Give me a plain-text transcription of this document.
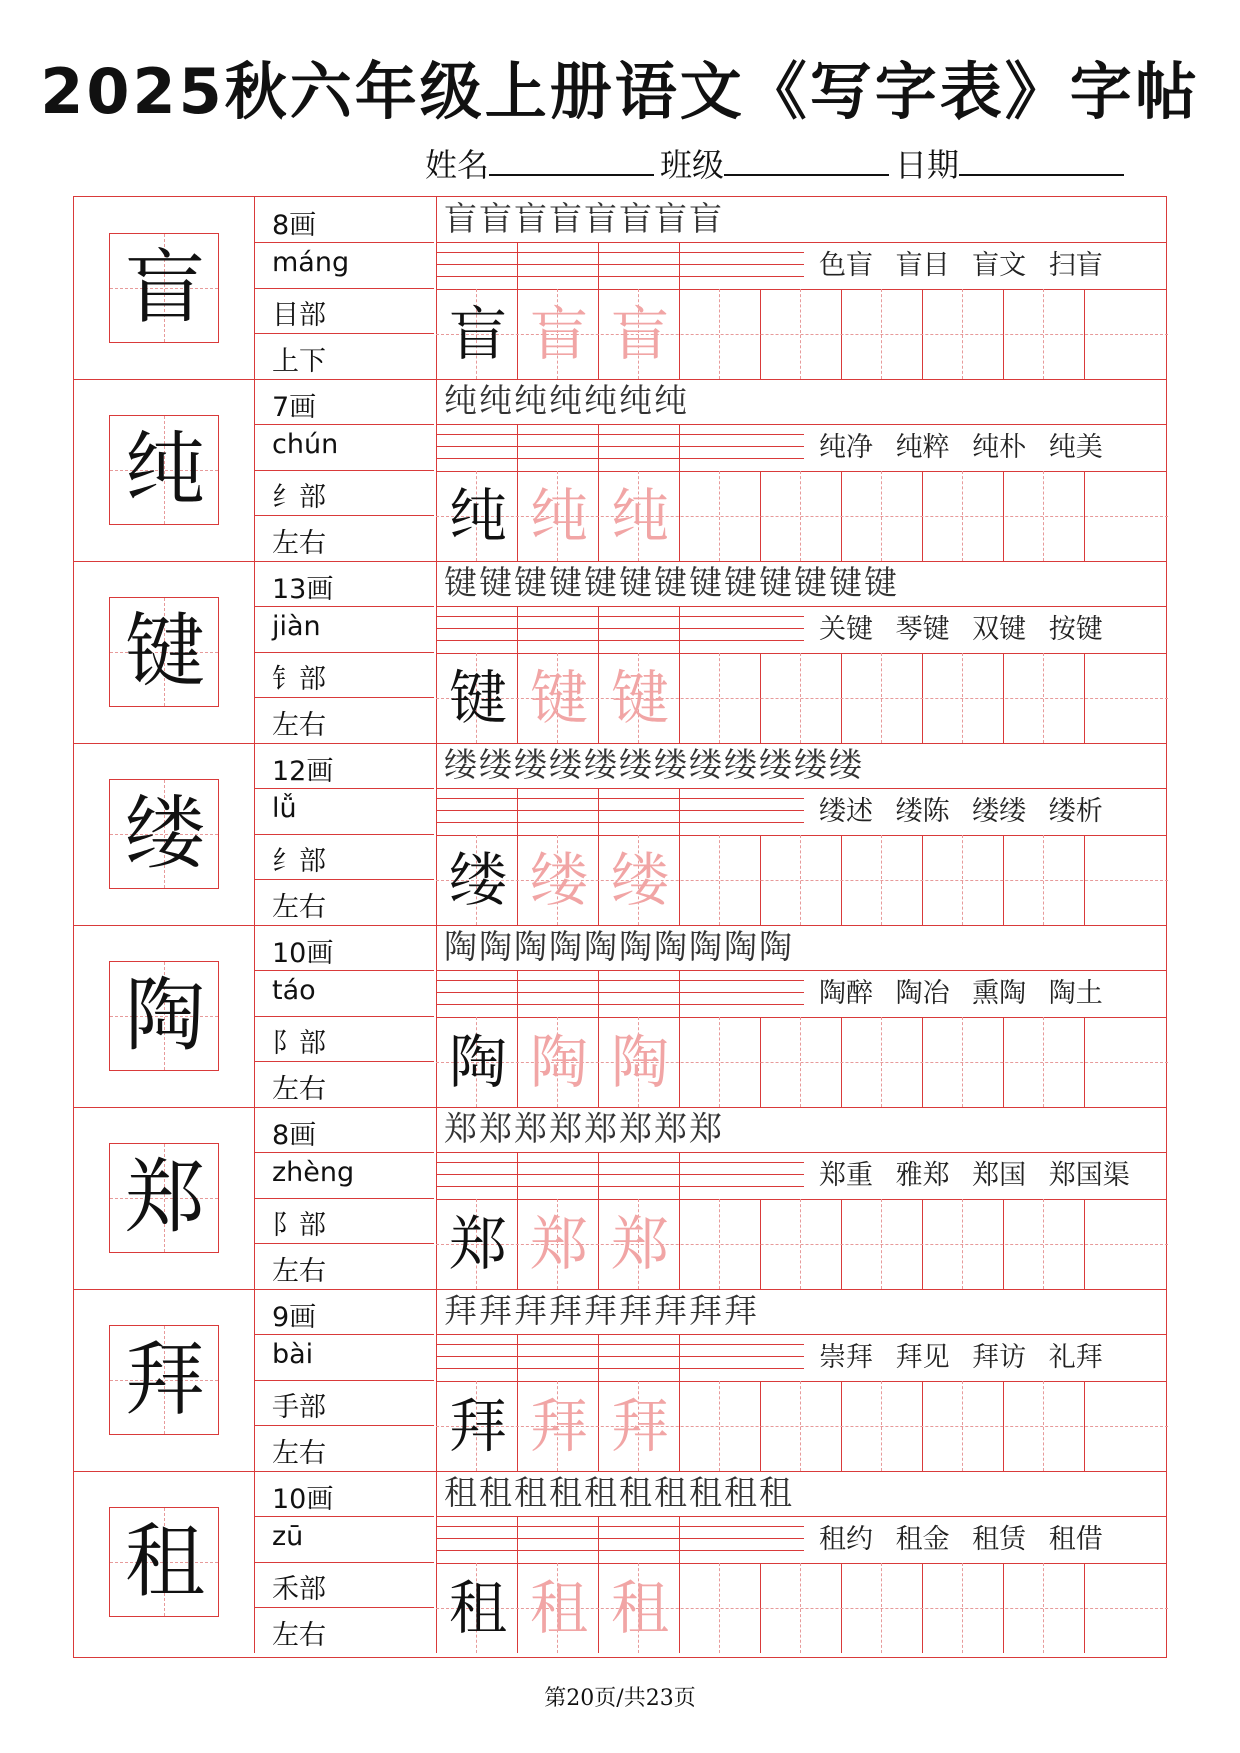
2025秋六年级上册语文《写字表》字帖
姓名	班级	日期
盲
8画
máng
目部
上下
盲盲盲盲盲盲盲盲
色盲 盲目 盲文 扫盲
盲 盲 盲
纯
7画
chún
纟部
左右
纯纯纯纯纯纯纯
纯净 纯粹 纯朴 纯美
纯 纯 纯
键
13画
jiàn
钅部
左右
键键键键键键键键键键键键键
关键 琴键 双键 按键
键 键 键
缕
12画
lǚ
纟部
左右
缕缕缕缕缕缕缕缕缕缕缕缕
缕述 缕陈 缕缕 缕析
缕 缕 缕
陶
10画
táo
阝部
左右
陶陶陶陶陶陶陶陶陶陶
陶醉 陶冶 熏陶 陶土
陶 陶 陶
郑
8画
zhèng
阝部
左右
郑郑郑郑郑郑郑郑
郑重 雅郑 郑国 郑国渠
郑 郑 郑
拜
9画
bài
手部
左右
拜拜拜拜拜拜拜拜拜
崇拜 拜见 拜访 礼拜
拜 拜 拜
租
10画
zū
禾部
左右
租租租租租租租租租租
租约 租金 租赁 租借
租 租 租
第20页/共23页
